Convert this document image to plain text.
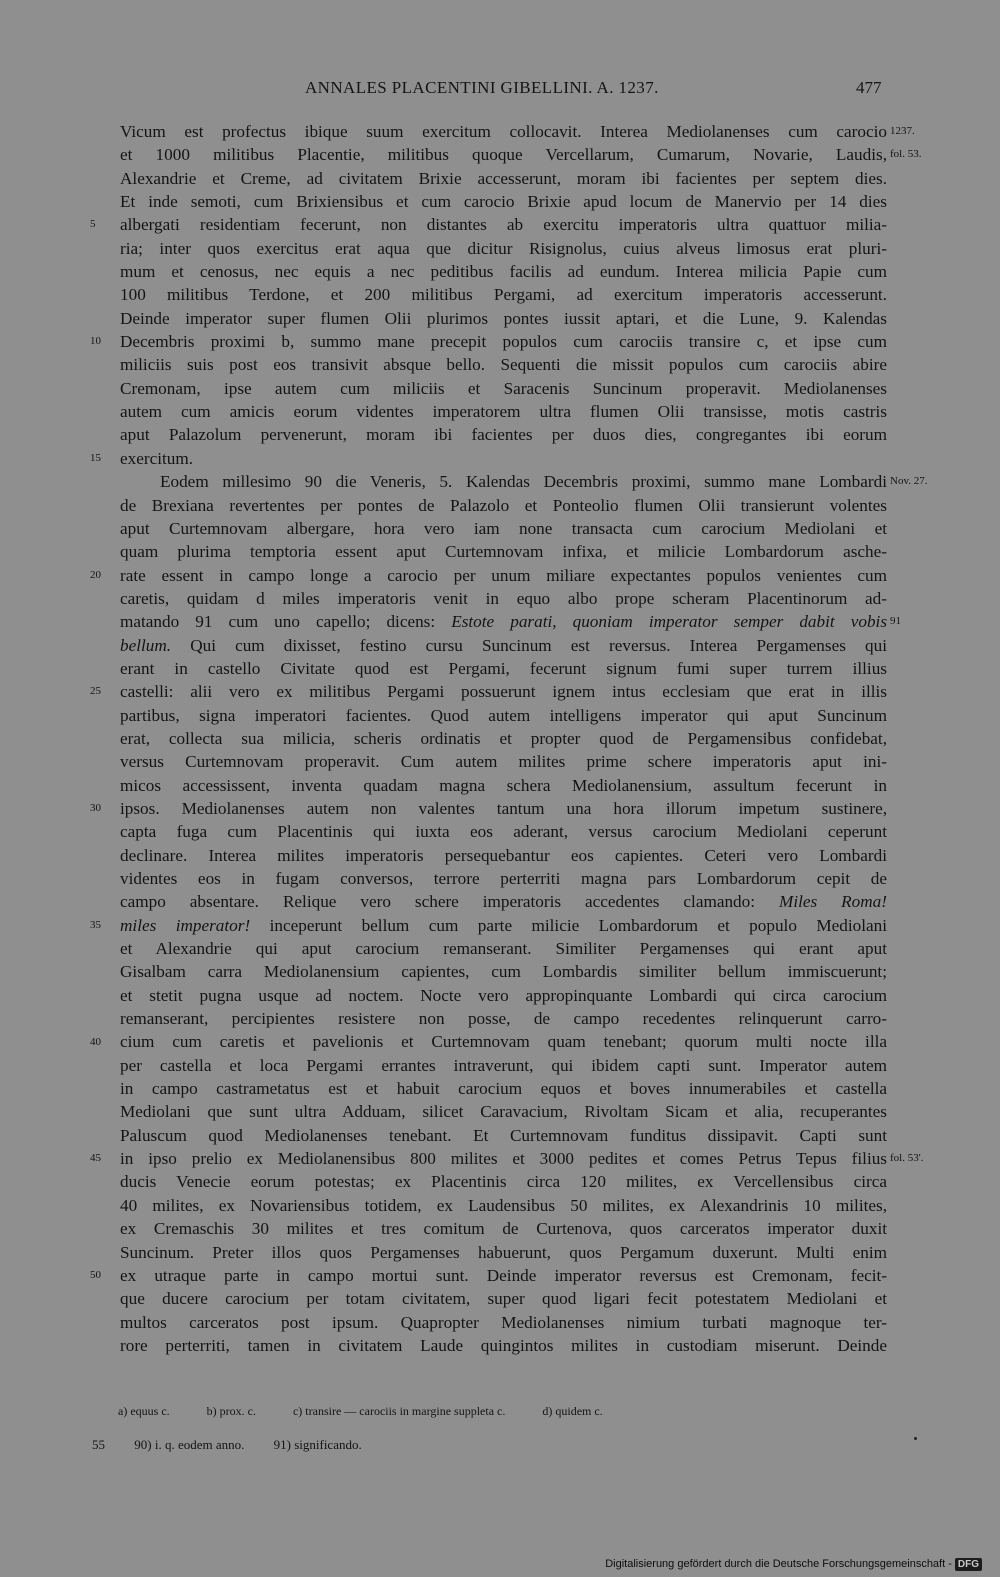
ANNALES PLACENTINI GIBELLINI. A. 1237.	477
Vicum est profectus ibique suum exercitum collocavit. Interea Mediolanenses cum carocio
et 1000 militibus Placentie, militibus quoque Vercellarum, Cumarum, Novarie, Laudis,
Alexandrie et Creme, ad civitatem Brixie accesserunt, moram ibi facientes per septem dies.
Et inde semoti, cum Brixiensibus et cum carocio Brixie apud locum de Manervio per 14 dies
albergati residentiam fecerunt, non distantes ab exercitu imperatoris ultra quattuor milia-
ria; inter quos exercitus erat aqua que dicitur Risignolus, cuius alveus limosus erat pluri-
mum et cenosus, nec equis a nec peditibus facilis ad eundum. Interea milicia Papie cum
100 militibus Terdone, et 200 militibus Pergami, ad exercitum imperatoris accesserunt.
Deinde imperator super flumen Olii plurimos pontes iussit aptari, et die Lune, 9. Kalendas
Decembris proximi b, summo mane precepit populos cum carociis transire c, et ipse cum
miliciis suis post eos transivit absque bello. Sequenti die missit populos cum carociis abire
Cremonam, ipse autem cum miliciis et Saracenis Suncinum properavit. Mediolanenses
autem cum amicis eorum videntes imperatorem ultra flumen Olii transisse, motis castris
aput Palazolum pervenerunt, moram ibi facientes per duos dies, congregantes ibi eorum
exercitum.
Eodem millesimo 90 die Veneris, 5. Kalendas Decembris proximi, summo mane Lombardi
de Brexiana revertentes per pontes de Palazolo et Ponteolio flumen Olii transierunt volentes
aput Curtemnovam albergare, hora vero iam none transacta cum carocium Mediolani et
quam plurima temptoria essent aput Curtemnovam infixa, et milicie Lombardorum asche-
rate essent in campo longe a carocio per unum miliare expectantes populos venientes cum
caretis, quidam d miles imperatoris venit in equo albo prope scheram Placentinorum ad-
matando 91 cum uno capello; dicens: Estote parati, quoniam imperator semper dabit vobis
bellum. Qui cum dixisset, festino cursu Suncinum est reversus. Interea Pergamenses qui
erant in castello Civitate quod est Pergami, fecerunt signum fumi super turrem illius
castelli: alii vero ex militibus Pergami possuerunt ignem intus ecclesiam que erat in illis
partibus, signa imperatori facientes. Quod autem intelligens imperator qui aput Suncinum
erat, collecta sua milicia, scheris ordinatis et propter quod de Pergamensibus confidebat,
versus Curtemnovam properavit. Cum autem milites prime schere imperatoris aput ini-
micos accessissent, inventa quadam magna schera Mediolanensium, assultum fecerunt in
ipsos. Mediolanenses autem non valentes tantum una hora illorum impetum sustinere,
capta fuga cum Placentinis qui iuxta eos aderant, versus carocium Mediolani ceperunt
declinare. Interea milites imperatoris persequebantur eos capientes. Ceteri vero Lombardi
videntes eos in fugam conversos, terrore perterriti magna pars Lombardorum cepit de
campo absentare. Relique vero schere imperatoris accedentes clamando: Miles Roma!
miles imperator! inceperunt bellum cum parte milicie Lombardorum et populo Mediolani
et Alexandrie qui aput carocium remanserant. Similiter Pergamenses qui erant aput
Gisalbam carra Mediolanensium capientes, cum Lombardis similiter bellum immiscuerunt;
et stetit pugna usque ad noctem. Nocte vero appropinquante Lombardi qui circa carocium
remanserant, percipientes resistere non posse, de campo recedentes relinquerunt carro-
cium cum caretis et pavelionis et Curtemnovam quam tenebant; quorum multi nocte illa
per castella et loca Pergami errantes intraverunt, qui ibidem capti sunt. Imperator autem
in campo castrametatus est et habuit carocium equos et boves innumerabiles et castella
Mediolani que sunt ultra Adduam, silicet Caravacium, Rivoltam Sicam et alia, recuperantes
Paluscum quod Mediolanenses tenebant. Et Curtemnovam funditus dissipavit. Capti sunt
in ipso prelio ex Mediolanensibus 800 milites et 3000 pedites et comes Petrus Tepus filius
ducis Venecie eorum potestas; ex Placentinis circa 120 milites, ex Vercellensibus circa
40 milites, ex Novariensibus totidem, ex Laudensibus 50 milites, ex Alexandrinis 10 milites,
ex Cremaschis 30 milites et tres comitum de Curtenova, quos carceratos imperator duxit
Suncinum. Preter illos quos Pergamenses habuerunt, quos Pergamum duxerunt. Multi enim
ex utraque parte in campo mortui sunt. Deinde imperator reversus est Cremonam, fecit-
que ducere carocium per totam civitatem, super quod ligari fecit potestatem Mediolani et
multos carceratos post ipsum. Quapropter Mediolanenses nimium turbati magnoque ter-
rore perterriti, tamen in civitatem Laude quingintos milites in custodiam miserunt. Deinde
5
10
15
20
25
30
35
40
45
50
1237.
fol. 53.
Nov. 27.
91
fol. 53'.
a) equus c.	b) prox. c.	c) transire — carociis in margine suppleta c.	d) quidem c.
55 90) i. q. eodem anno. 91) significando.
Digitalisierung gefördert durch die Deutsche Forschungsgemeinschaft - DFG
